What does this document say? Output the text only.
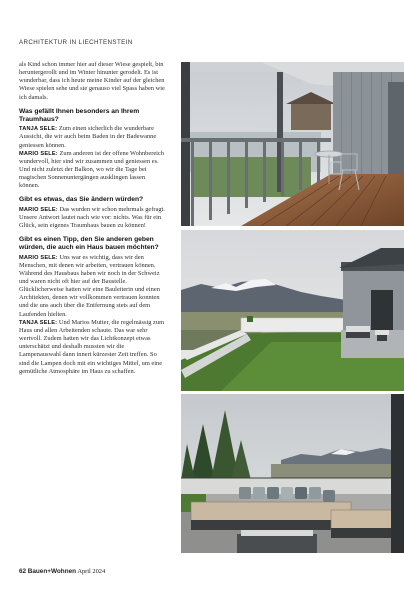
ARCHITEKTUR IN LIECHTENSTEIN

als Kind schon immer hier auf dieser Wiese gespielt, bin heruntergerollt und im Winter hinunter gerodelt. Es ist wunderbar, dass ich heute meine Kinder auf der gleichen Wiese spielen sehe und sie genauso viel Spass haben wie ich damals.

Was gefällt Ihnen besonders an Ihrem Traumhaus?

TANJA SELE: Zum einen sicherlich die wunderbare Aussicht, die wir auch beim Baden in der Badewanne geniessen können.

MARIO SELE: Zum anderen ist der offene Wohnbereich wundervoll, hier sind wir zusammen und geniessen es. Und nicht zuletzt der Balkon, wo wir die Tage bei magischen Sonnenuntergängen ausklingen lassen können.

Gibt es etwas, das Sie ändern würden?

MARIO SELE: Das wurden wir schon mehrmals gefragt. Unsere Antwort lautet nach wie vor: nichts. Was für ein Glück, sein eigenes Traumhaus bauen zu können!

Gibt es einen Tipp, den Sie anderen geben würden, die auch ein Haus bauen möchten?

MARIO SELE: Uns war es wichtig, dass wir den Menschen, mit denen wir arbeiten, vertrauen können. Während des Hausbaus haben wir noch in der Schweiz und waren nicht oft hier auf der Baustelle. Glücklicherweise hatten wir eine Bauleiterin und einen Architekten, denen wir vollkommen vertrauen konnten und die uns auch über die Entfernung stets auf dem Laufenden hielten.

TANJA SELE: Und Marios Mutter, die regelmässig zum Haus und allen Arbeitenden schaute. Das war sehr wertvoll. Zudem hatten wir das Lichtkonzept etwas unterschätzt und deshalb mussten wir die Lampenauswahl dann innert kürzester Zeit treffen. So sind die Lampen doch mit ein wichtiges Mittel, um eine gemütliche Atmosphäre im Haus zu schaffen.

62 Bauen+Wohnen April 2024
